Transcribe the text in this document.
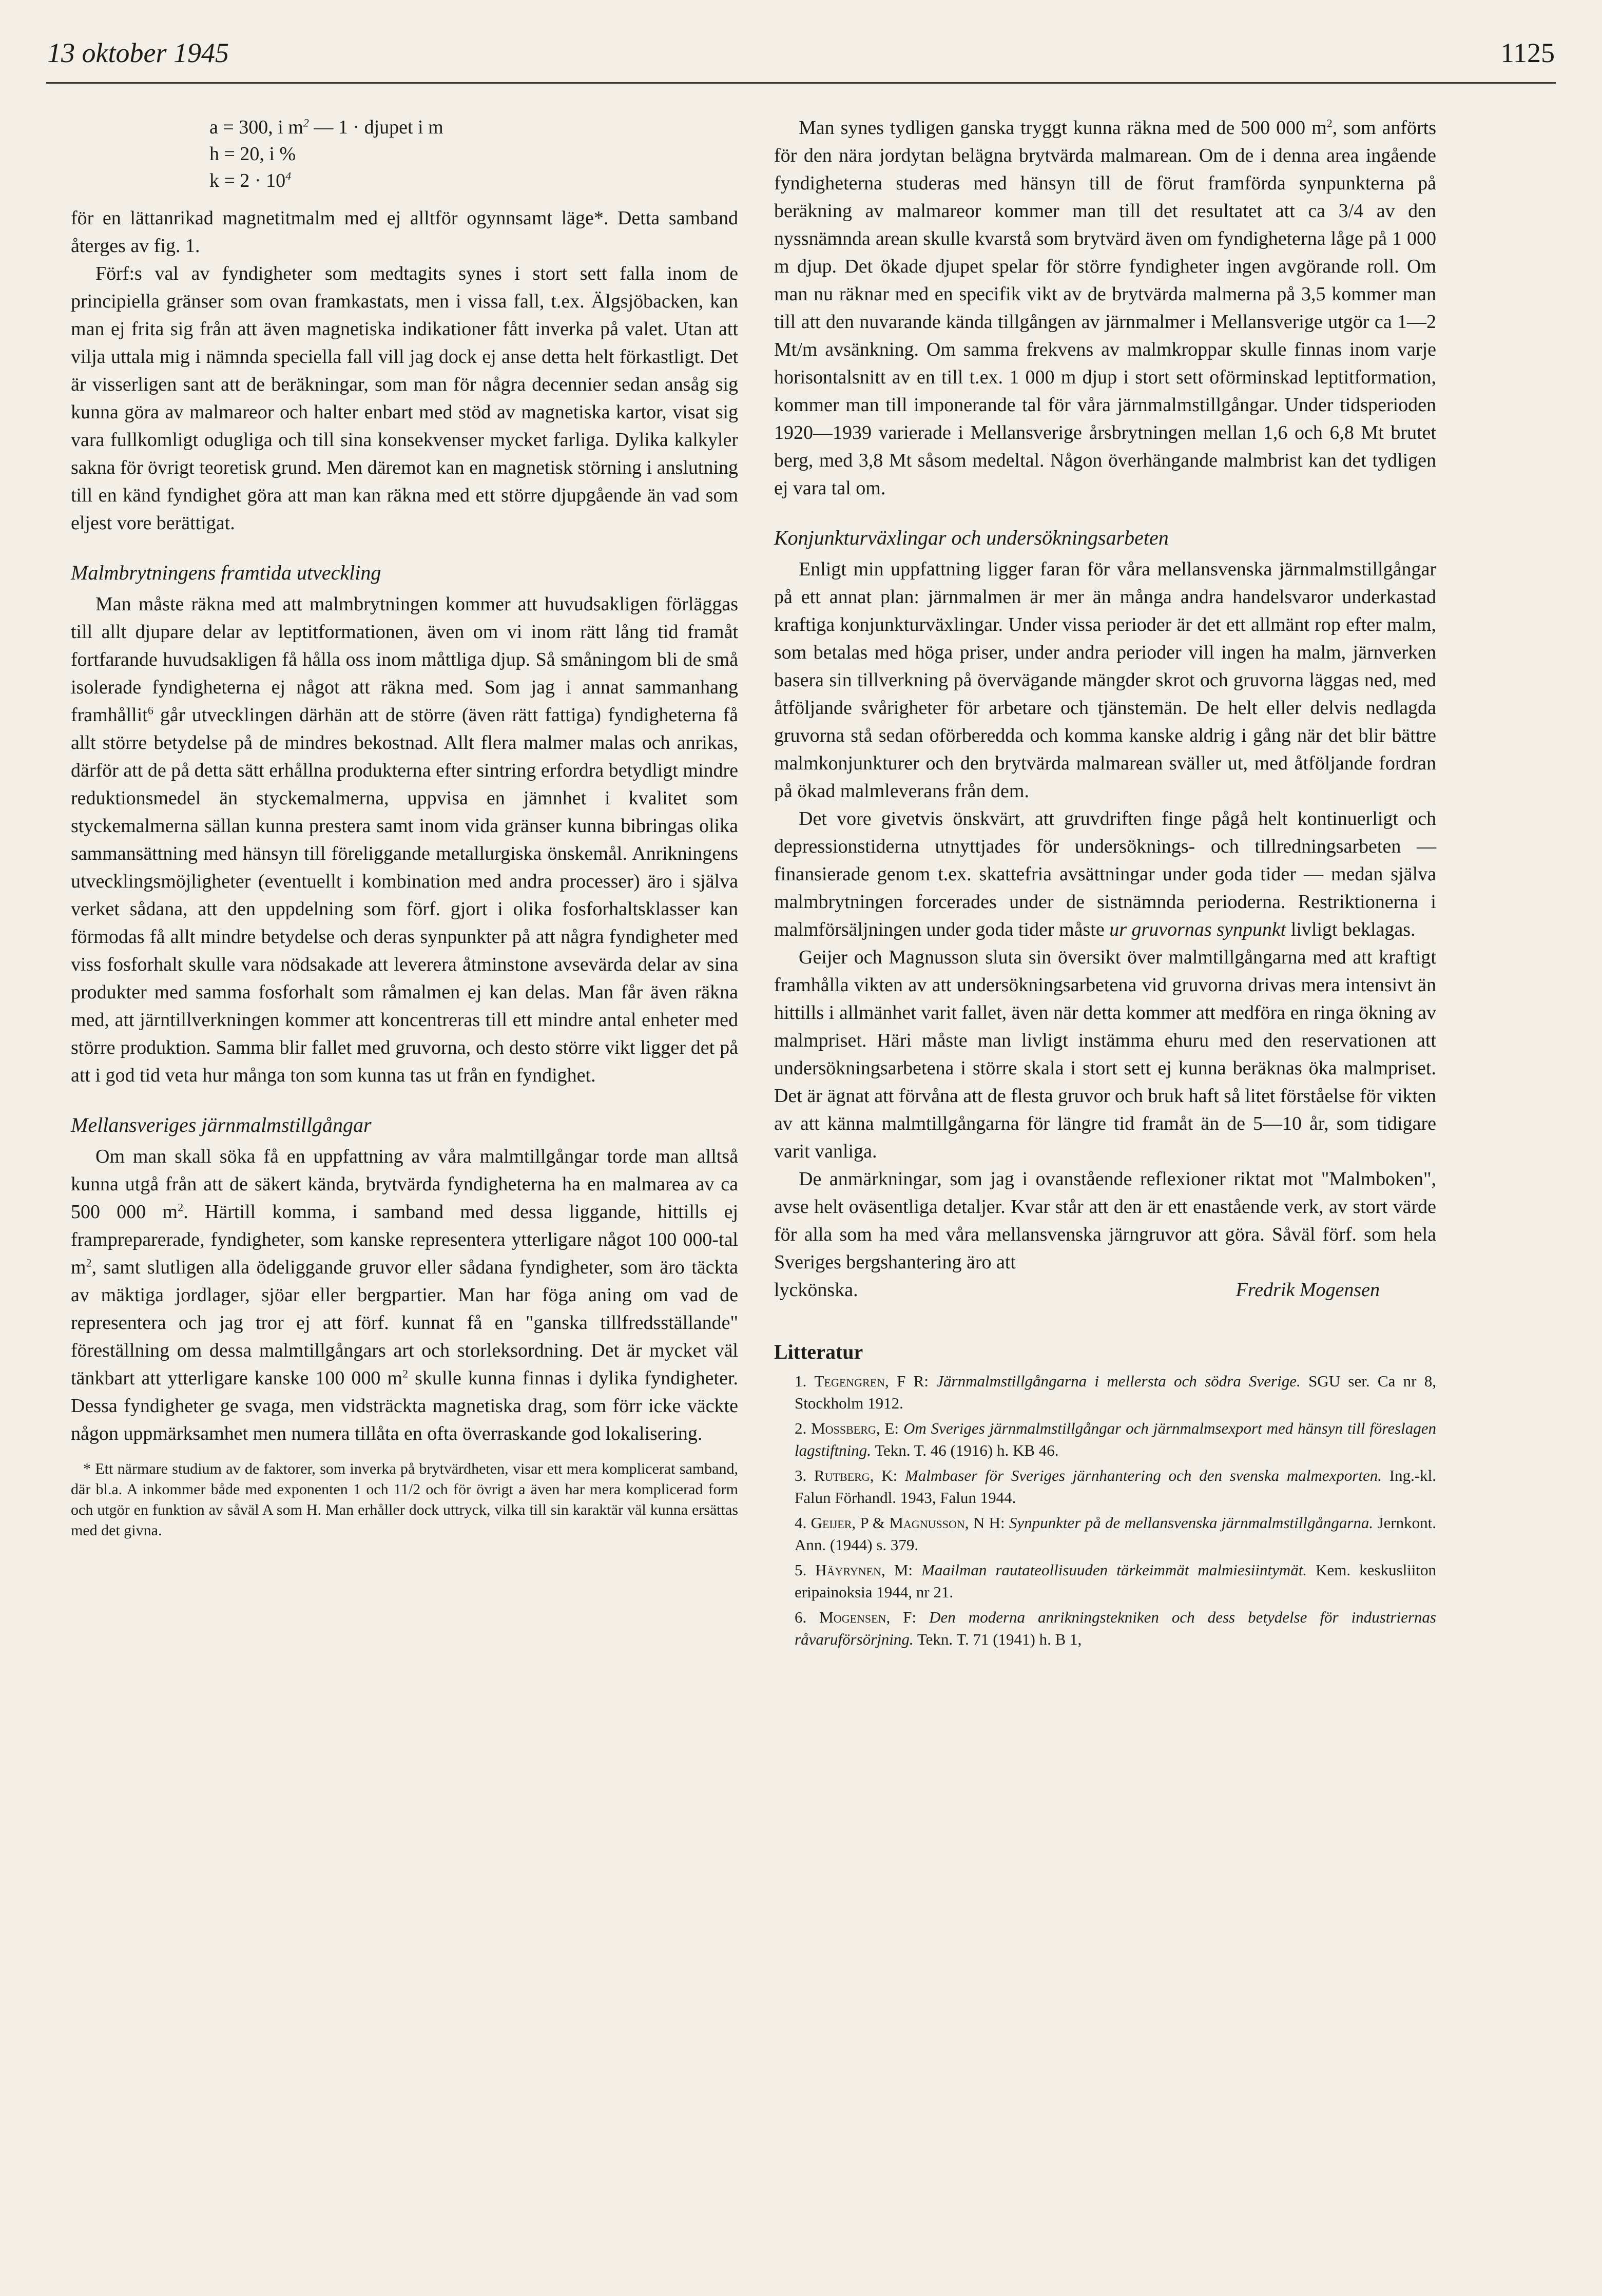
13 oktober 1945	1125
a = 300, i $m^2$ — 1 · djupet i m
h = 20, i %
$k = 2 \cdot 10^4$

för en lättanrikad magnetitmalm med ej alltför ogynnsamt läge*. Detta samband återges av fig. 1.

Förf:s val av fyndigheter som medtagits synes i stort sett falla inom de principiella gränser som ovan framkastats, men i vissa fall, t.ex. Älgsjöbacken, kan man ej frita sig från att även magnetiska indikationer fått inverka på valet. Utan att vilja uttala mig i nämnda speciella fall vill jag dock ej anse detta helt förkastligt. Det är visserligen sant att de beräkningar, som man för några decennier sedan ansåg sig kunna göra av malmareor och halter enbart med stöd av magnetiska kartor, visat sig vara fullkomligt odugliga och till sina konsekvenser mycket farliga. Dylika kalkyler sakna för övrigt teoretisk grund. Men däremot kan en magnetisk störning i anslutning till en känd fyndighet göra att man kan räkna med ett större djupgående än vad som eljest vore berättigat.

Malmbrytningens framtida utveckling

Man måste räkna med att malmbrytningen kommer att huvudsakligen förläggas till allt djupare delar av leptitformationen, även om vi inom rätt lång tid framåt fortfarande huvudsakligen få hålla oss inom måttliga djup. Så småningom bli de små isolerade fyndigheterna ej något att räkna med. Som jag i annat sammanhang framhållit$^6$ går utvecklingen därhän att de större (även rätt fattiga) fyndigheterna få allt större betydelse på de mindres bekostnad. Allt flera malmer malas och anrikas, därför att de på detta sätt erhållna produkterna efter sintring erfordra betydligt mindre reduktionsmedel än styckemalmerna, uppvisa en jämnhet i kvalitet som styckemalmerna sällan kunna prestera samt inom vida gränser kunna bibringas olika sammansättning med hänsyn till föreliggande metallurgiska önskemål. Anrikningens utvecklingsmöjligheter (eventuellt i kombination med andra processer) äro i själva verket sådana, att den uppdelning som förf. gjort i olika fosforhaltsklasser kan förmodas få allt mindre betydelse och deras synpunkter på att några fyndigheter med viss fosforhalt skulle vara nödsakade att leverera åtminstone avsevärda delar av sina produkter med samma fosforhalt som råmalmen ej kan delas. Man får även räkna med, att järntillverkningen kommer att koncentreras till ett mindre antal enheter med större produktion. Samma blir fallet med gruvorna, och desto större vikt ligger det på att i god tid veta hur många ton som kunna tas ut från en fyndighet.

Mellansveriges järnmalmstillgångar

Om man skall söka få en uppfattning av våra malmtillgångar torde man alltså kunna utgå från att de säkert kända, brytvärda fyndigheterna ha en malmarea av ca 500 000 $m^2$. Härtill komma, i samband med dessa liggande, hittills ej frampreparerade, fyndigheter, som kanske representera ytterligare något 100 000-tal $m^2$, samt slutligen alla ödeliggande gruvor eller sådana fyndigheter, som äro täckta av mäktiga jordlager, sjöar eller bergpartier. Man har föga aning om vad de representera och jag tror ej att förf. kunnat få en "ganska tillfredsställande" föreställning om dessa malmtillgångars art och storleksordning. Det är mycket väl tänkbart att ytterligare kanske 100 000 $m^2$ skulle kunna finnas i dylika fyndigheter. Dessa fyndigheter ge svaga, men vidsträckta magnetiska drag, som förr icke väckte någon uppmärksamhet men numera tillåta en ofta överraskande god lokalisering.

* Ett närmare studium av de faktorer, som inverka på brytvärdheten, visar ett mera komplicerat samband, där bl.a. A inkommer både med exponenten 1 och 11/2 och för övrigt a även har mera komplicerad form och utgör en funktion av såväl A som H. Man erhåller dock uttryck, vilka till sin karaktär väl kunna ersättas med det givna.

Man synes tydligen ganska tryggt kunna räkna med de 500 000 $m^2$, som anförts för den nära jordytan belägna brytvärda malmarean. Om de i denna area ingående fyndigheterna studeras med hänsyn till de förut framförda synpunkterna på beräkning av malmareor kommer man till det resultatet att ca 3/4 av den nyssnämnda arean skulle kvarstå som brytvärd även om fyndigheterna låge på 1 000 m djup. Det ökade djupet spelar för större fyndigheter ingen avgörande roll. Om man nu räknar med en specifik vikt av de brytvärda malmerna på 3,5 kommer man till att den nuvarande kända tillgången av järnmalmer i Mellansverige utgör ca 1—2 Mt/m avsänkning. Om samma frekvens av malmkroppar skulle finnas inom varje horisontalsnitt av en till t.ex. 1 000 m djup i stort sett oförminskad leptitformation, kommer man till imponerande tal för våra järnmalmstillgångar. Under tidsperioden 1920—1939 varierade i Mellansverige årsbrytningen mellan 1,6 och 6,8 Mt brutet berg, med 3,8 Mt såsom medeltal. Någon överhängande malmbrist kan det tydligen ej vara tal om.

Konjunkturväxlingar och undersökningsarbeten

Enligt min uppfattning ligger faran för våra mellansvenska järnmalmstillgångar på ett annat plan: järnmalmen är mer än många andra handelsvaror underkastad kraftiga konjunkturväxlingar. Under vissa perioder är det ett allmänt rop efter malm, som betalas med höga priser, under andra perioder vill ingen ha malm, järnverken basera sin tillverkning på övervägande mängder skrot och gruvorna läggas ned, med åtföljande svårigheter för arbetare och tjänstemän. De helt eller delvis nedlagda gruvorna stå sedan oförberedda och komma kanske aldrig i gång när det blir bättre malmkonjunkturer och den brytvärda malmarean sväller ut, med åtföljande fordran på ökad malmleverans från dem.

Det vore givetvis önskvärt, att gruvdriften finge pågå helt kontinuerligt och depressionstiderna utnyttjades för undersöknings- och tillredningsarbeten — finansierade genom t.ex. skattefria avsättningar under goda tider — medan själva malmbrytningen forcerades under de sistnämnda perioderna. Restriktionerna i malmförsäljningen under goda tider måste ur gruvornas synpunkt livligt beklagas.

Geijer och Magnusson sluta sin översikt över malmtillgångarna med att kraftigt framhålla vikten av att undersökningsarbetena vid gruvorna drivas mera intensivt än hittills i allmänhet varit fallet, även när detta kommer att medföra en ringa ökning av malmpriset. Häri måste man livligt instämma ehuru med den reservationen att undersökningsarbetena i större skala i stort sett ej kunna beräknas öka malmpriset. Det är ägnat att förvåna att de flesta gruvor och bruk haft så litet förståelse för vikten av att känna malmtillgångarna för längre tid framåt än de 5—10 år, som tidigare varit vanliga.

De anmärkningar, som jag i ovanstående reflexioner riktat mot "Malmboken", avse helt oväsentliga detaljer. Kvar står att den är ett enastående verk, av stort värde för alla som ha med våra mellansvenska järngruvor att göra. Såväl förf. som hela Sveriges bergshantering äro att

lyckönska.	Fredrik Mogensen

Litteratur

1. Tegengren, F R: Järnmalmstillgångarna i mellersta och södra Sverige. SGU ser. Ca nr 8, Stockholm 1912.

2. Mossberg, E: Om Sveriges järnmalmstillgångar och järnmalmsexport med hänsyn till föreslagen lagstiftning. Tekn. T. 46 (1916) h. KB 46.

3. Rutberg, K: Malmbaser för Sveriges järnhantering och den svenska malmexporten. Ing.-kl. Falun Förhandl. 1943, Falun 1944.

4. Geijer, P & Magnusson, N H: Synpunkter på de mellansvenska järnmalmstillgångarna. Jernkont. Ann. (1944) s. 379.

5. Häyrynen, M: Maailman rautateollisuuden tärkeimmät malmiesiintymät. Kem. keskusliiton eripainoksia 1944, nr 21.

6. Mogensen, F: Den moderna anrikningstekniken och dess betydelse för industriernas råvaruförsörjning. Tekn. T. 71 (1941) h. B 1,
